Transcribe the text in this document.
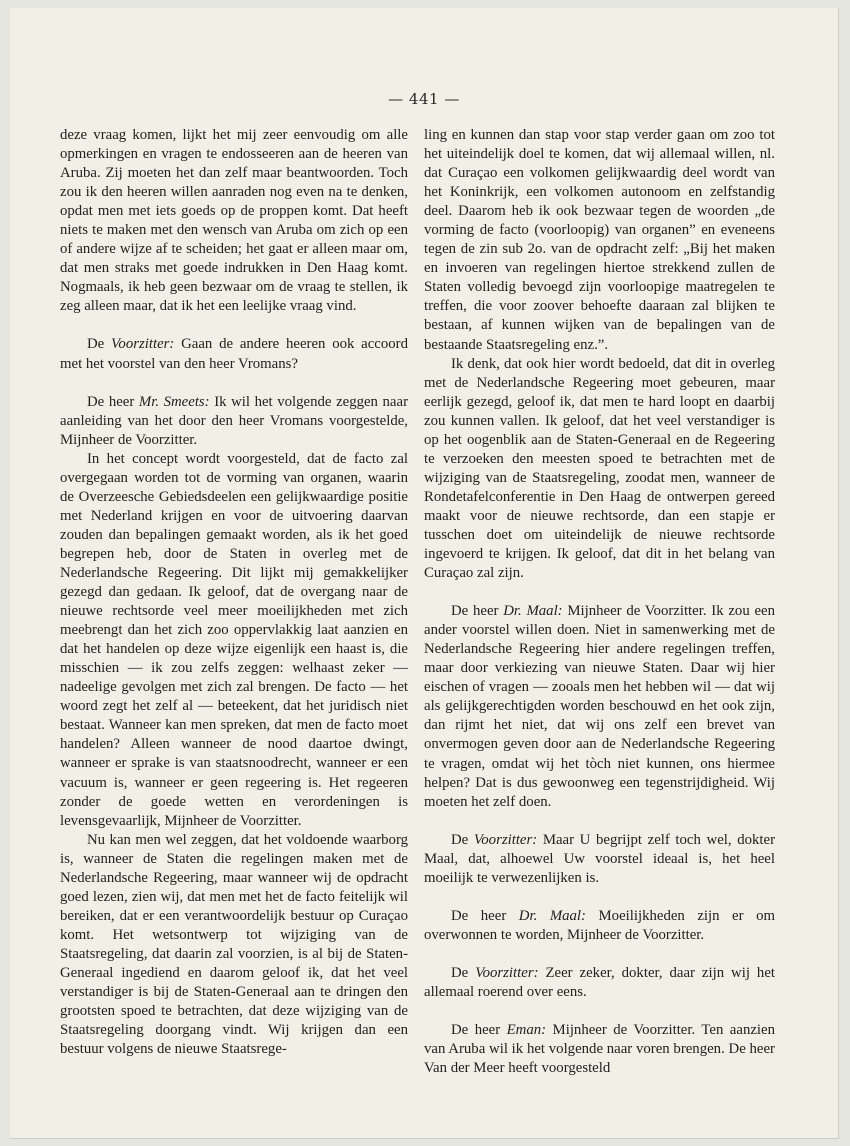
— 441 —

deze vraag komen, lijkt het mij zeer eenvoudig om alle opmerkingen en vragen te endosseeren aan de heeren van Aruba. Zij moeten het dan zelf maar beantwoorden. Toch zou ik den heeren willen aanraden nog even na te denken, opdat men met iets goeds op de proppen komt. Dat heeft niets te maken met den wensch van Aruba om zich op een of andere wijze af te scheiden; het gaat er alleen maar om, dat men straks met goede indrukken in Den Haag komt. Nogmaals, ik heb geen bezwaar om de vraag te stellen, ik zeg alleen maar, dat ik het een leelijke vraag vind.

De Voorzitter: Gaan de andere heeren ook accoord met het voorstel van den heer Vromans?

De heer Mr. Smeets: Ik wil het volgende zeggen naar aanleiding van het door den heer Vromans voorgestelde, Mijnheer de Voorzitter.

In het concept wordt voorgesteld, dat de facto zal overgegaan worden tot de vorming van organen, waarin de Overzeesche Gebiedsdeelen een gelijkwaardige positie met Nederland krijgen en voor de uitvoering daarvan zouden dan bepalingen gemaakt worden, als ik het goed begrepen heb, door de Staten in overleg met de Nederlandsche Regeering. Dit lijkt mij gemakkelijker gezegd dan gedaan. Ik geloof, dat de overgang naar de nieuwe rechtsorde veel meer moeilijkheden met zich meebrengt dan het zich zoo oppervlakkig laat aanzien en dat het handelen op deze wijze eigenlijk een haast is, die misschien — ik zou zelfs zeggen: welhaast zeker — nadeelige gevolgen met zich zal brengen. De facto — het woord zegt het zelf al — beteekent, dat het juridisch niet bestaat. Wanneer kan men spreken, dat men de facto moet handelen? Alleen wanneer de nood daartoe dwingt, wanneer er sprake is van staatsnoodrecht, wanneer er een vacuum is, wanneer er geen regeering is. Het regeeren zonder de goede wetten en verordeningen is levensgevaarlijk, Mijnheer de Voorzitter.

Nu kan men wel zeggen, dat het voldoende waarborg is, wanneer de Staten die regelingen maken met de Nederlandsche Regeering, maar wanneer wij de opdracht goed lezen, zien wij, dat men met het de facto feitelijk wil bereiken, dat er een verantwoordelijk bestuur op Curaçao komt. Het wetsontwerp tot wijziging van de Staatsregeling, dat daarin zal voorzien, is al bij de Staten-Generaal ingediend en daarom geloof ik, dat het veel verstandiger is bij de Staten-Generaal aan te dringen den grootsten spoed te betrachten, dat deze wijziging van de Staatsregeling doorgang vindt. Wij krijgen dan een bestuur volgens de nieuwe Staatsrege-

ling en kunnen dan stap voor stap verder gaan om zoo tot het uiteindelijk doel te komen, dat wij allemaal willen, nl. dat Curaçao een volkomen gelijkwaardig deel wordt van het Koninkrijk, een volkomen autonoom en zelfstandig deel. Daarom heb ik ook bezwaar tegen de woorden „de vorming de facto (voorloopig) van organen” en eveneens tegen de zin sub 2o. van de opdracht zelf: „Bij het maken en invoeren van regelingen hiertoe strekkend zullen de Staten volledig bevoegd zijn voorloopige maatregelen te treffen, die voor zoover behoefte daaraan zal blijken te bestaan, af kunnen wijken van de bepalingen van de bestaande Staatsregeling enz.”.

Ik denk, dat ook hier wordt bedoeld, dat dit in overleg met de Nederlandsche Regeering moet gebeuren, maar eerlijk gezegd, geloof ik, dat men te hard loopt en daarbij zou kunnen vallen. Ik geloof, dat het veel verstandiger is op het oogenblik aan de Staten-Generaal en de Regeering te verzoeken den meesten spoed te betrachten met de wijziging van de Staatsregeling, zoodat men, wanneer de Rondetafelconferentie in Den Haag de ontwerpen gereed maakt voor de nieuwe rechtsorde, dan een stapje er tusschen doet om uiteindelijk de nieuwe rechtsorde ingevoerd te krijgen. Ik geloof, dat dit in het belang van Curaçao zal zijn.

De heer Dr. Maal: Mijnheer de Voorzitter. Ik zou een ander voorstel willen doen. Niet in samenwerking met de Nederlandsche Regeering hier andere regelingen treffen, maar door verkiezing van nieuwe Staten. Daar wij hier eischen of vragen — zooals men het hebben wil — dat wij als gelijkgerechtigden worden beschouwd en het ook zijn, dan rijmt het niet, dat wij ons zelf een brevet van onvermogen geven door aan de Nederlandsche Regeering te vragen, omdat wij het tòch niet kunnen, ons hiermee helpen? Dat is dus gewoonweg een tegenstrijdigheid. Wij moeten het zelf doen.

De Voorzitter: Maar U begrijpt zelf toch wel, dokter Maal, dat, alhoewel Uw voorstel ideaal is, het heel moeilijk te verwezenlijken is.

De heer Dr. Maal: Moeilijkheden zijn er om overwonnen te worden, Mijnheer de Voorzitter.

De Voorzitter: Zeer zeker, dokter, daar zijn wij het allemaal roerend over eens.

De heer Eman: Mijnheer de Voorzitter. Ten aanzien van Aruba wil ik het volgende naar voren brengen. De heer Van der Meer heeft voorgesteld
